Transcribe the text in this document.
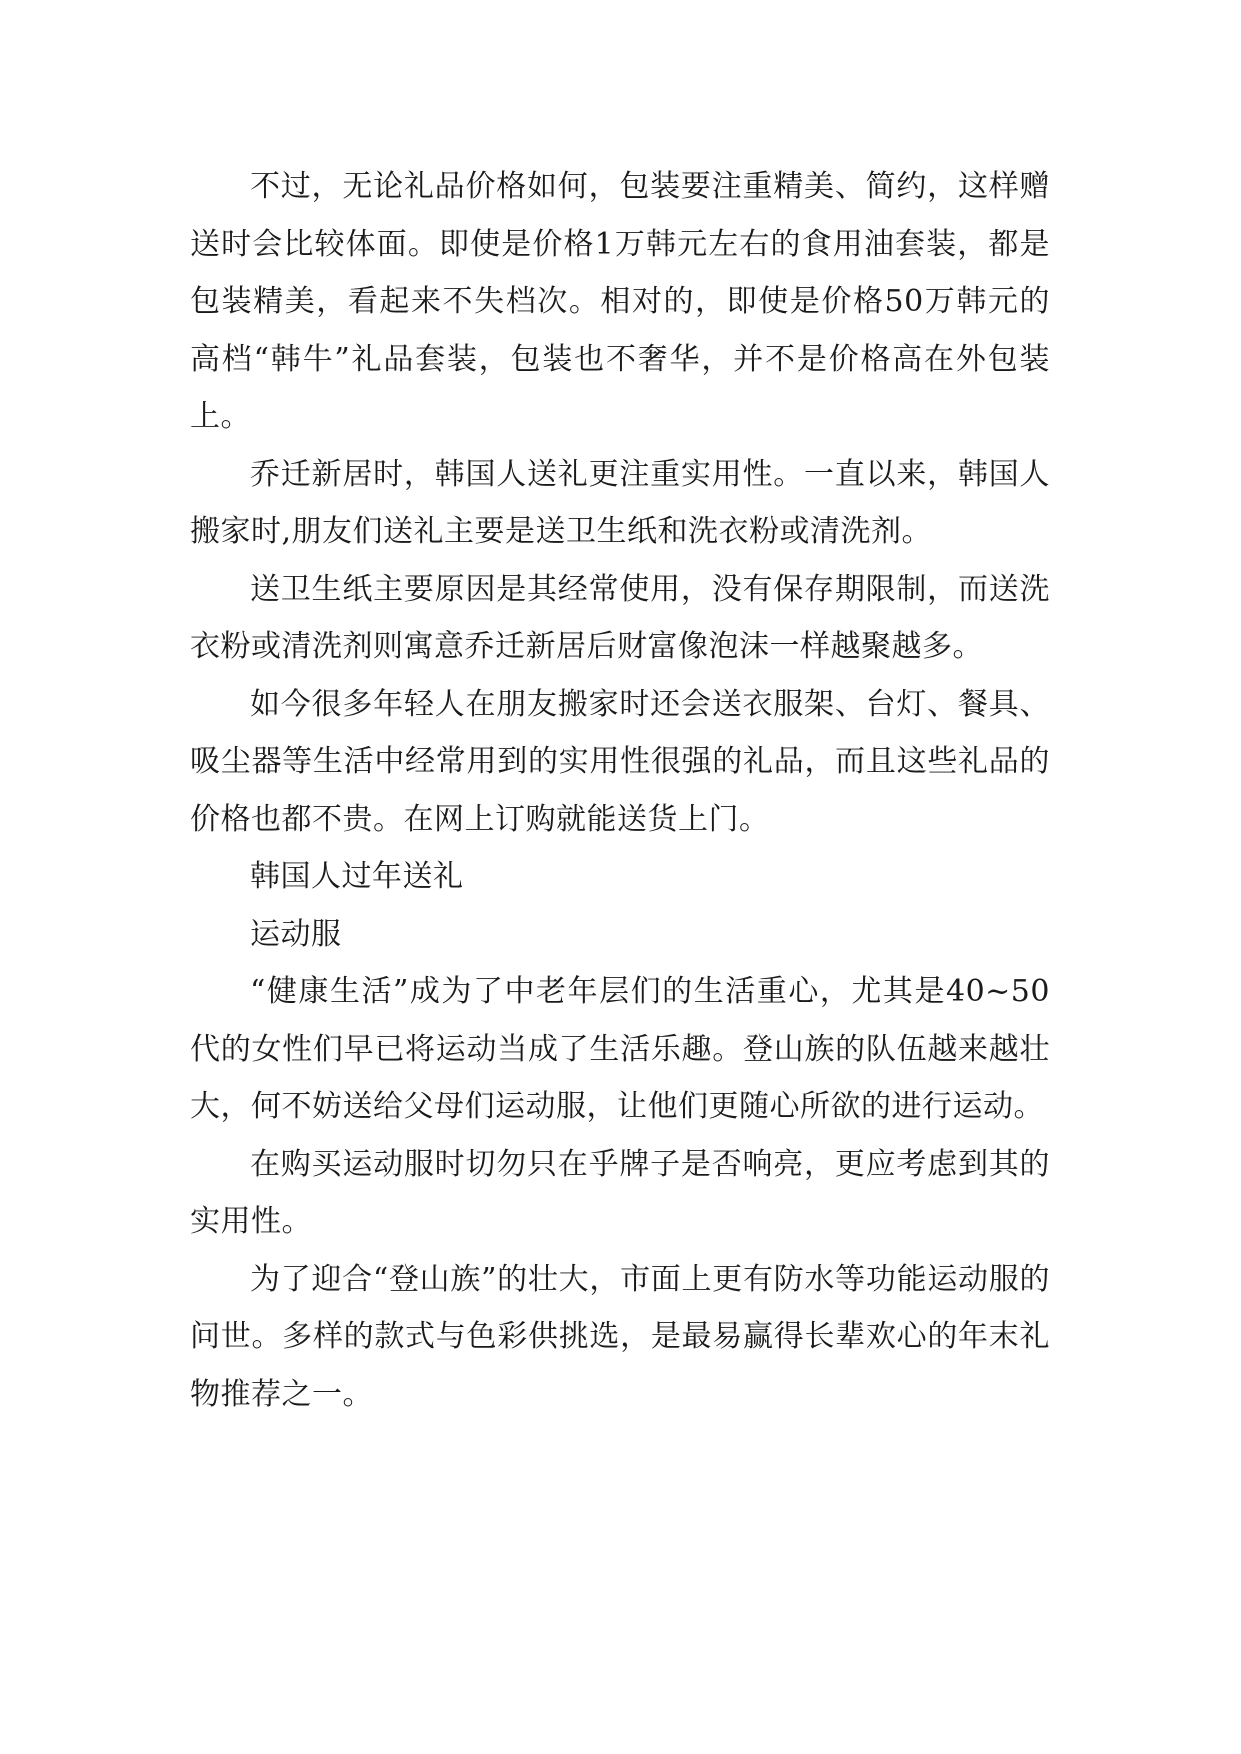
不过，无论礼品价格如何，包装要注重精美、简约，这样赠送时会比较体面。即使是价格1万韩元左右的食用油套装，都是包装精美，看起来不失档次。相对的，即使是价格50万韩元的高档“韩牛”礼品套装，包装也不奢华，并不是价格高在外包装上。

乔迁新居时，韩国人送礼更注重实用性。一直以来，韩国人搬家时,朋友们送礼主要是送卫生纸和洗衣粉或清洗剂。

送卫生纸主要原因是其经常使用，没有保存期限制，而送洗衣粉或清洗剂则寓意乔迁新居后财富像泡沫一样越聚越多。

如今很多年轻人在朋友搬家时还会送衣服架、台灯、餐具、吸尘器等生活中经常用到的实用性很强的礼品，而且这些礼品的价格也都不贵。在网上订购就能送货上门。

韩国人过年送礼

运动服

“健康生活”成为了中老年层们的生活重心，尤其是40~50代的女性们早已将运动当成了生活乐趣。登山族的队伍越来越壮大，何不妨送给父母们运动服，让他们更随心所欲的进行运动。

在购买运动服时切勿只在乎牌子是否响亮，更应考虑到其的实用性。

为了迎合“登山族”的壮大，市面上更有防水等功能运动服的问世。多样的款式与色彩供挑选，是最易赢得长辈欢心的年末礼物推荐之一。
